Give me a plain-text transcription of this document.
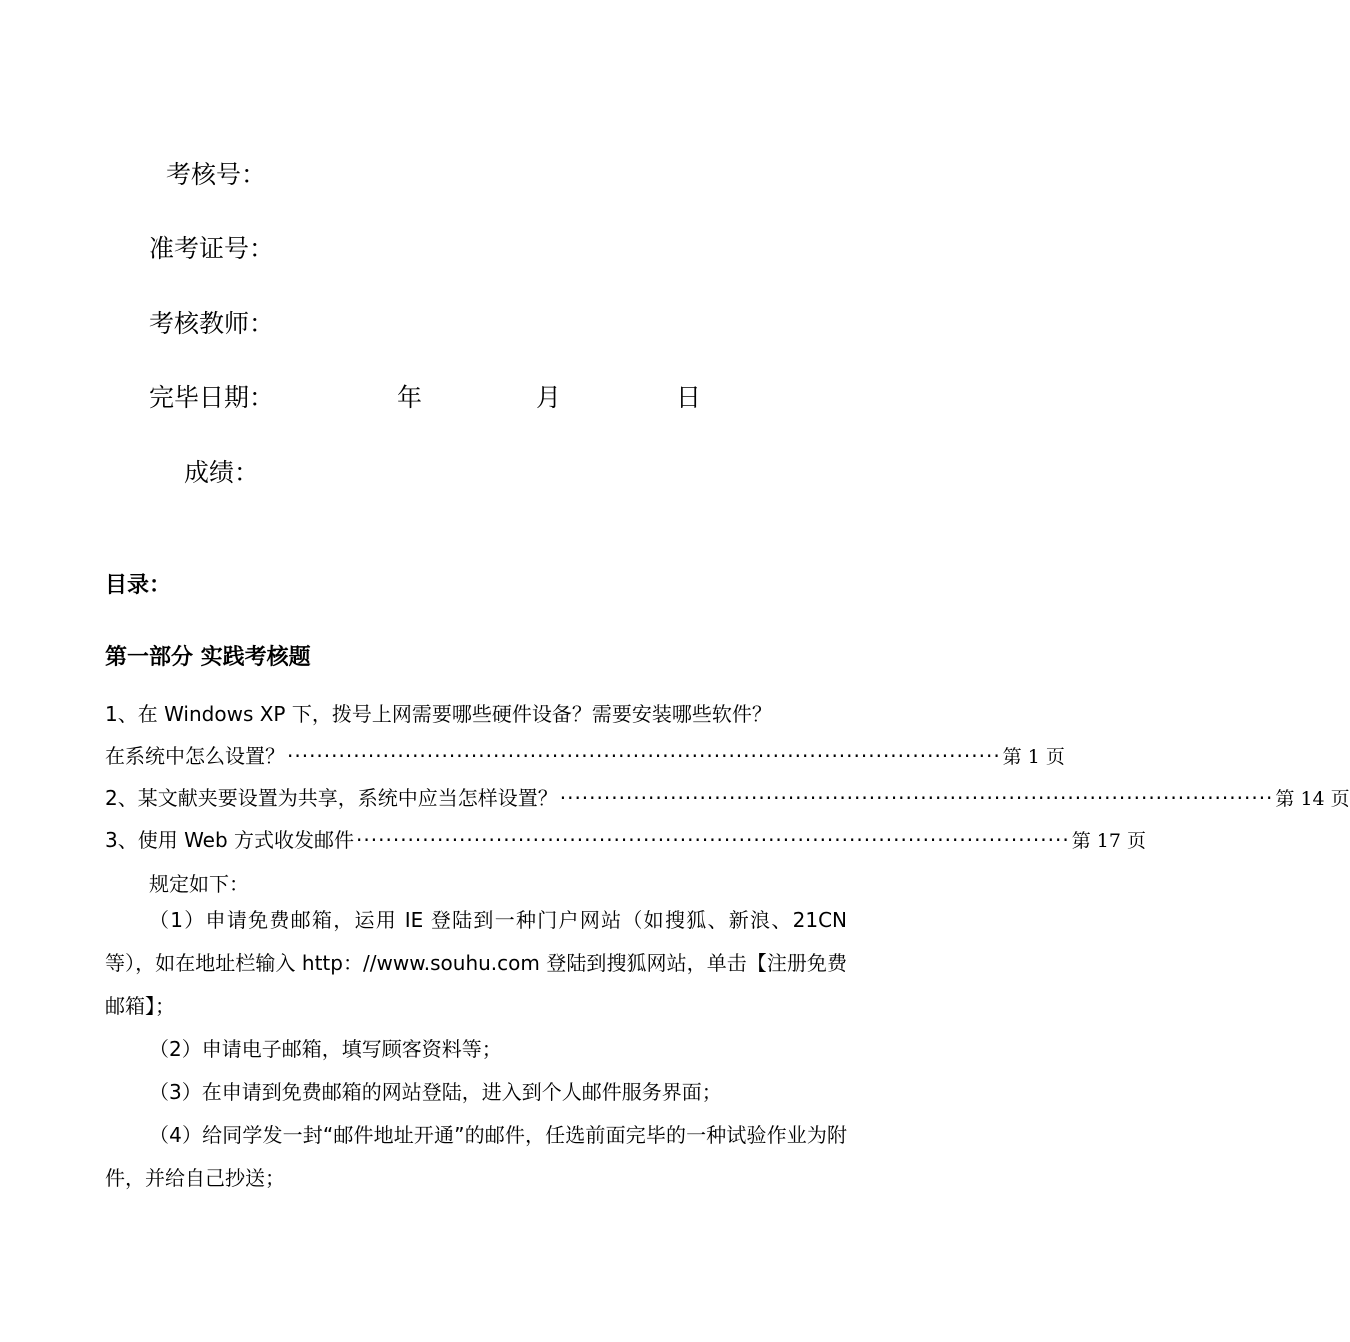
考核号：
准考证号：
考核教师：
完毕日期：	年	月	日
成绩：
目录：
第一部分 实践考核题
1、在 Windows XP 下，拨号上网需要哪些硬件设备？需要安装哪些软件？
在系统中怎么设置？ ································································································· 第 1 页
2、某文献夹要设置为共享，系统中应当怎样设置？ ································································································· 第 14 页
3、使用 Web 方式收发邮件 ································································································· 第 17 页
规定如下：
（1）申请免费邮箱，运用 IE 登陆到一种门户网站（如搜狐、新浪、21CN 等），如在地址栏输入 http：//www.souhu.com 登陆到搜狐网站，单击【注册免费邮箱】；
（2）申请电子邮箱，填写顾客资料等；
（3）在申请到免费邮箱的网站登陆，进入到个人邮件服务界面；
（4）给同学发一封“邮件地址开通”的邮件，任选前面完毕的一种试验作业为附件，并给自己抄送；
